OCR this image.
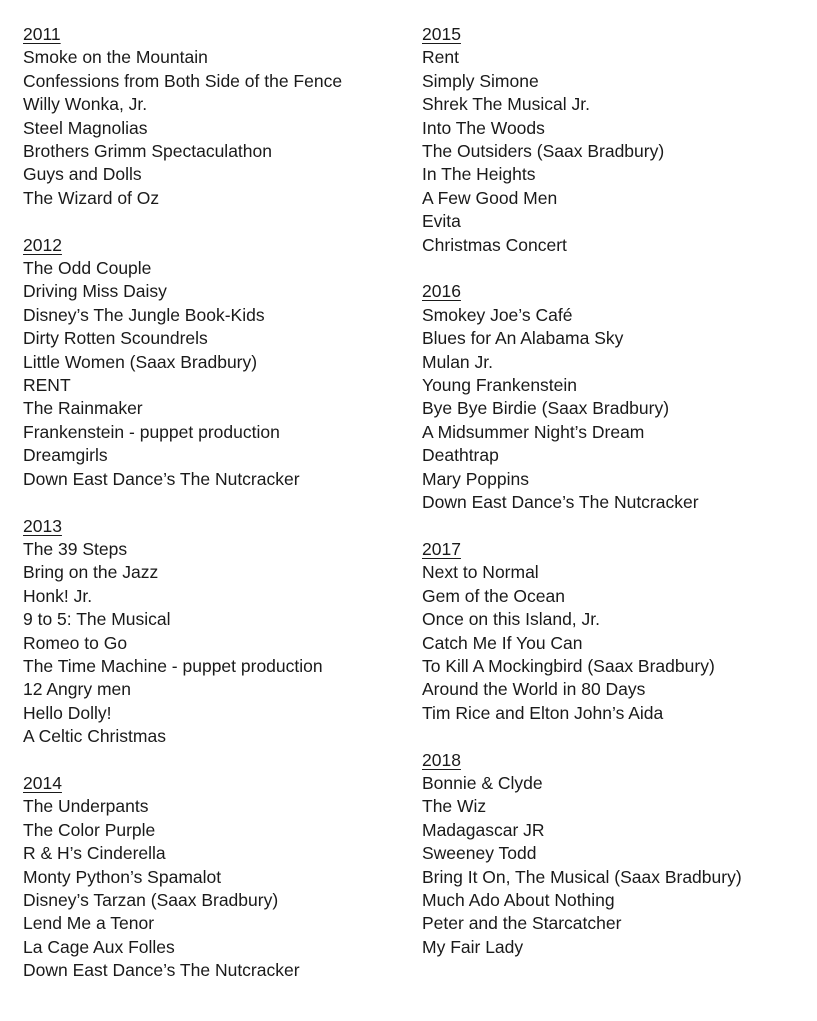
2011
Smoke on the Mountain
Confessions from Both Side of the Fence
Willy Wonka, Jr.
Steel Magnolias
Brothers Grimm Spectaculathon
Guys and Dolls
The Wizard of Oz
2012
The Odd Couple
Driving Miss Daisy
Disney’s The Jungle Book-Kids
Dirty Rotten Scoundrels
Little Women (Saax Bradbury)
RENT
The Rainmaker
Frankenstein - puppet production
Dreamgirls
Down East Dance’s The Nutcracker
2013
The 39 Steps
Bring on the Jazz
Honk! Jr.
9 to 5: The Musical
Romeo to Go
The Time Machine - puppet production
12 Angry men
Hello Dolly!
A Celtic Christmas
2014
The Underpants
The Color Purple
R & H’s Cinderella
Monty Python’s Spamalot
Disney’s Tarzan (Saax Bradbury)
Lend Me a Tenor
La Cage Aux Folles
Down East Dance’s The Nutcracker
2015
Rent
Simply Simone
Shrek The Musical Jr.
Into The Woods
The Outsiders (Saax Bradbury)
In The Heights
A Few Good Men
Evita
Christmas Concert
2016
Smokey Joe’s Café
Blues for An Alabama Sky
Mulan Jr.
Young Frankenstein
Bye Bye Birdie (Saax Bradbury)
A Midsummer Night’s Dream
Deathtrap
Mary Poppins
Down East Dance’s The Nutcracker
2017
Next to Normal
Gem of the Ocean
Once on this Island, Jr.
Catch Me If You Can
To Kill A Mockingbird (Saax Bradbury)
Around the World in 80 Days
Tim Rice and Elton John’s Aida
2018
Bonnie & Clyde
The Wiz
Madagascar JR
Sweeney Todd
Bring It On, The Musical (Saax Bradbury)
Much Ado About Nothing
Peter and the Starcatcher
My Fair Lady
